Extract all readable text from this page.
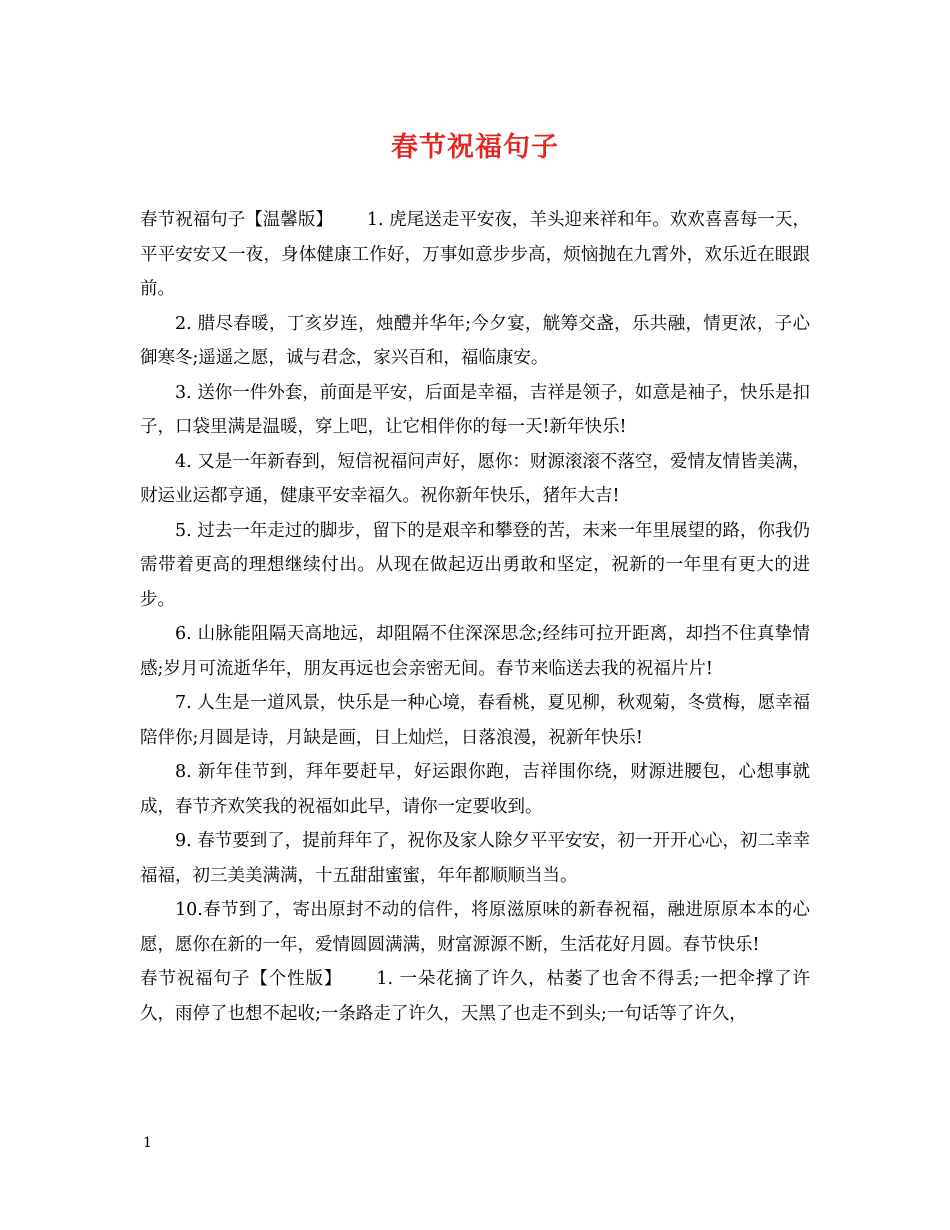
春节祝福句子

春节祝福句子【温馨版】 1. 虎尾送走平安夜，羊头迎来祥和年。欢欢喜喜每一天，平平安安又一夜，身体健康工作好，万事如意步步高，烦恼抛在九霄外，欢乐近在眼跟前。

2. 腊尽春暖，丁亥岁连，烛醴并华年;今夕宴，觥筹交盏，乐共融，情更浓，子心御寒冬;遥遥之愿，诚与君念，家兴百和，福临康安。

3. 送你一件外套，前面是平安，后面是幸福，吉祥是领子，如意是袖子，快乐是扣子，口袋里满是温暖，穿上吧，让它相伴你的每一天!新年快乐!

4. 又是一年新春到，短信祝福问声好，愿你：财源滚滚不落空，爱情友情皆美满，财运业运都亨通，健康平安幸福久。祝你新年快乐，猪年大吉!

5. 过去一年走过的脚步，留下的是艰辛和攀登的苦，未来一年里展望的路，你我仍需带着更高的理想继续付出。从现在做起迈出勇敢和坚定，祝新的一年里有更大的进步。

6. 山脉能阻隔天高地远，却阻隔不住深深思念;经纬可拉开距离，却挡不住真挚情感;岁月可流逝华年，朋友再远也会亲密无间。春节来临送去我的祝福片片!

7. 人生是一道风景，快乐是一种心境，春看桃，夏见柳，秋观菊，冬赏梅，愿幸福陪伴你;月圆是诗，月缺是画，日上灿烂，日落浪漫，祝新年快乐!

8. 新年佳节到，拜年要赶早，好运跟你跑，吉祥围你绕，财源进腰包，心想事就成，春节齐欢笑我的祝福如此早，请你一定要收到。

9. 春节要到了，提前拜年了，祝你及家人除夕平平安安，初一开开心心，初二幸幸福福，初三美美满满，十五甜甜蜜蜜，年年都顺顺当当。

10.春节到了，寄出原封不动的信件，将原滋原味的新春祝福，融进原原本本的心愿，愿你在新的一年，爱情圆圆满满，财富源源不断，生活花好月圆。春节快乐!

春节祝福句子【个性版】 1. 一朵花摘了许久，枯萎了也舍不得丢;一把伞撑了许久，雨停了也想不起收;一条路走了许久，天黑了也走不到头;一句话等了许久，

1
